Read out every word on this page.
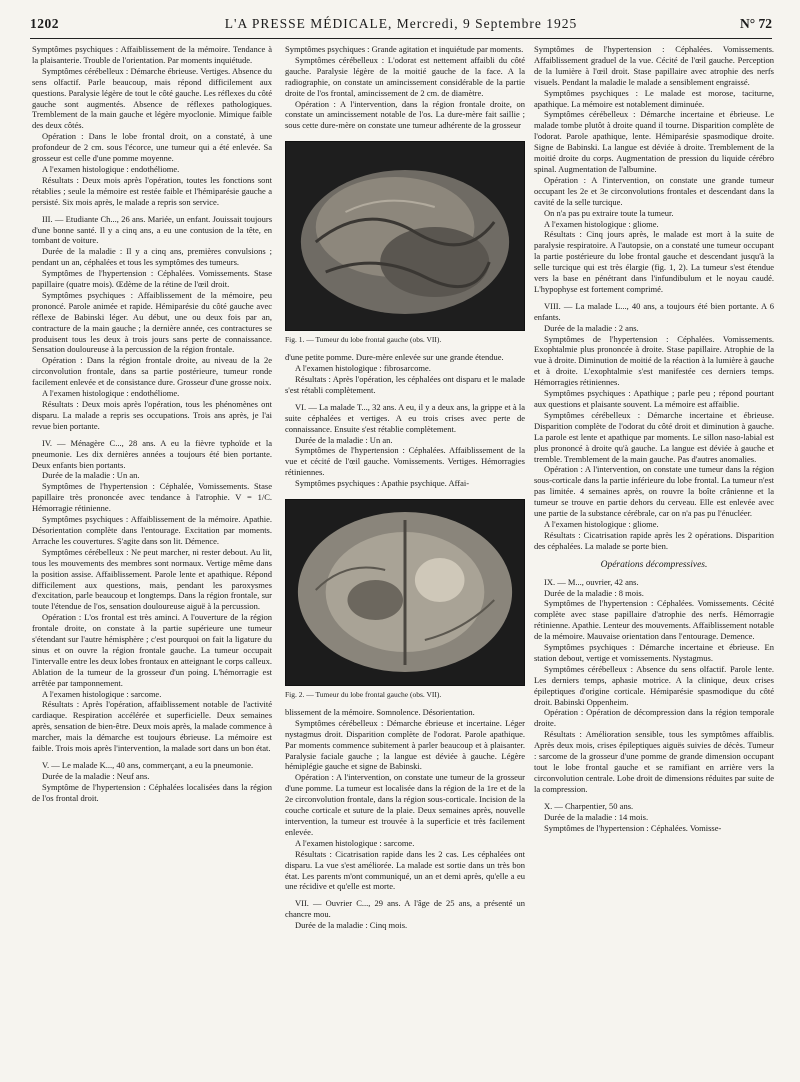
1202	L'A PRESSE MÉDICALE, Mercredi, 9 Septembre 1925	N° 72

Symptômes psychiques : Affaiblissement de la mémoire. Tendance à la plaisanterie. Trouble de l'orientation. Par moments inquiétude.

Symptômes cérébelleux : Démarche ébrieuse. Vertiges. Absence du sens olfactif. Parle beaucoup, mais répond difficilement aux questions. Paralysie légère de tout le côté gauche. Les réflexes du côté gauche sont augmentés. Absence de réflexes pathologiques. Tremblement de la main gauche et légère myoclonie. Mimique faible des deux côtés.

Opération : Dans le lobe frontal droit, on a constaté, à une profondeur de 2 cm. sous l'écorce, une tumeur qui a été enlevée. Sa grosseur est celle d'une pomme moyenne.

A l'examen histologique : endothéliome.

Résultats : Deux mois après l'opération, toutes les fonctions sont rétablies ; seule la mémoire est restée faible et l'hémiparésie gauche a persisté. Six mois après, le malade a repris son service.

III. — Etudiante Ch..., 26 ans. Mariée, un enfant. Jouissait toujours d'une bonne santé. Il y a cinq ans, a eu une contusion de la tête, en tombant de voiture.

Durée de la maladie : Il y a cinq ans, premières convulsions ; pendant un an, céphalées et tous les symptômes des tumeurs.

Symptômes de l'hypertension : Céphalées. Vomissements. Stase papillaire (quatre mois). Œdème de la rétine de l'œil droit.

Symptômes psychiques : Affaiblissement de la mémoire, peu prononcé. Parole animée et rapide. Hémiparésie du côté gauche avec réflexe de Babinski léger. Au début, une ou deux fois par an, contracture de la main gauche ; la dernière année, ces contractures se produisent tous les deux à trois jours sans perte de connaissance. Sensation douloureuse à la percussion de la région frontale.

Opération : Dans la région frontale droite, au niveau de la 2e circonvolution frontale, dans sa partie postérieure, tumeur ronde facilement enlevée et de consistance dure. Grosseur d'une grosse noix.

A l'examen histologique : endothéliome.

Résultats : Deux mois après l'opération, tous les phénomènes ont disparu. La malade a repris ses occupations. Trois ans après, je l'ai revue bien portante.

IV. — Ménagère C..., 28 ans. A eu la fièvre typhoïde et la pneumonie. Les dix dernières années a toujours été bien portante. Deux enfants bien portants.

Durée de la maladie : Un an.

Symptômes de l'hypertension : Céphalée, Vomissements. Stase papillaire très prononcée avec tendance à l'atrophie. V = 1/C. Hémorragie rétinienne.

Symptômes psychiques : Affaiblissement de la mémoire. Apathie. Désorientation complète dans l'entourage. Excitation par moments. Arrache les couvertures. S'agite dans son lit. Démence.

Symptômes cérébelleux : Ne peut marcher, ni rester debout. Au lit, tous les mouvements des membres sont normaux. Vertige même dans la position assise. Affaiblissement. Parole lente et apathique. Répond difficilement aux questions, mais, pendant les paroxysmes d'excitation, parle beaucoup et longtemps. Dans la région frontale, sur toute l'étendue de l'os, sensation douloureuse aiguë à la percussion.

Opération : L'os frontal est très aminci. A l'ouverture de la région frontale droite, on constate à la partie supérieure une tumeur s'étendant sur l'autre hémisphère ; c'est pourquoi on fait la ligature du sinus et on ouvre la région frontale gauche. La tumeur occupait l'intervalle entre les deux lobes frontaux en atteignant le corps calleux. Ablation de la tumeur de la grosseur d'un poing. L'hémorragie est arrêtée par tamponnement.

A l'examen histologique : sarcome.

Résultats : Après l'opération, affaiblissement notable de l'activité cardiaque. Respiration accélérée et superficielle. Deux semaines après, sensation de bien-être. Deux mois après, la malade commence à marcher, mais la démarche est toujours ébrieuse. La mémoire est faible. Trois mois après l'intervention, la malade sort dans un bon état.

V. — Le malade K..., 40 ans, commerçant, a eu la pneumonie.

Durée de la maladie : Neuf ans.

Symptôme de l'hypertension : Céphalées localisées dans la région de l'os frontal droit.

Symptômes psychiques : Grande agitation et inquiétude par moments.

Symptômes cérébelleux : L'odorat est nettement affaibli du côté gauche. Paralysie légère de la moitié gauche de la face. A la radiographie, on constate un amincissement considérable de la partie droite de l'os frontal, amincissement de 2 cm. de diamètre.

Opération : A l'intervention, dans la région frontale droite, on constate un amincissement notable de l'os. La dure-mère fait saillie ; sous cette dure-mère on constate une tumeur adhérente de la grosseur

Fig. 1. — Tumeur du lobe frontal gauche (obs. VII).

d'une petite pomme. Dure-mère enlevée sur une grande étendue.

A l'examen histologique : fibrosarcome.

Résultats : Après l'opération, les céphalées ont disparu et le malade s'est rétabli complètement.

VI. — La malade T..., 32 ans. A eu, il y a deux ans, la grippe et à la suite céphalées et vertiges. A eu trois crises avec perte de connaissance. Ensuite s'est rétablie complètement.

Durée de la maladie : Un an.

Symptômes de l'hypertension : Céphalées. Affaiblissement de la vue et cécité de l'œil gauche. Vomissements. Vertiges. Hémorragies rétiniennes.

Symptômes psychiques : Apathie psychique. Affai-

Fig. 2. — Tumeur du lobe frontal gauche (obs. VII).

blissement de la mémoire. Somnolence. Désorientation.

Symptômes cérébelleux : Démarche ébrieuse et incertaine. Léger nystagmus droit. Disparition complète de l'odorat. Parole apathique. Par moments commence subitement à parler beaucoup et à plaisanter. Paralysie faciale gauche ; la langue est déviée à gauche. Légère hémiplégie gauche et signe de Babinski.

Opération : A l'intervention, on constate une tumeur de la grosseur d'une pomme. La tumeur est localisée dans la région de la 1re et de la 2e circonvolution frontale, dans la région sous-corticale. Incision de la couche corticale et suture de la plaie. Deux semaines après, nouvelle intervention, la tumeur est trouvée à la superficie et très facilement enlevée.

A l'examen histologique : sarcome.

Résultats : Cicatrisation rapide dans les 2 cas. Les céphalées ont disparu. La vue s'est améliorée. La malade est sortie dans un très bon état. Les parents m'ont communiqué, un an et demi après, qu'elle a eu une récidive et qu'elle est morte.

VII. — Ouvrier C..., 29 ans. A l'âge de 25 ans, a présenté un chancre mou.

Durée de la maladie : Cinq mois.

Symptômes de l'hypertension : Céphalées. Vomissements. Affaiblissement graduel de la vue. Cécité de l'œil gauche. Perception de la lumière à l'œil droit. Stase papillaire avec atrophie des nerfs visuels. Pendant la maladie le malade a sensiblement engraissé.

Symptômes psychiques : Le malade est morose, taciturne, apathique. La mémoire est notablement diminuée.

Symptômes cérébelleux : Démarche incertaine et ébrieuse. Le malade tombe plutôt à droite quand il tourne. Disparition complète de l'odorat. Parole apathique, lente. Hémiparésie spasmodique droite. Signe de Babinski. La langue est déviée à droite. Tremblement de la moitié droite du corps. Augmentation de pression du liquide cérébro spinal. Augmentation de l'albumine.

Opération : A l'intervention, on constate une grande tumeur occupant les 2e et 3e circonvolutions frontales et descendant dans la cavité de la selle turcique.

On n'a pas pu extraire toute la tumeur.

A l'examen histologique : gliome.

Résultats : Cinq jours après, le malade est mort à la suite de paralysie respiratoire. A l'autopsie, on a constaté une tumeur occupant la partie postérieure du lobe frontal gauche et descendant jusqu'à la selle turcique qui est très élargie (fig. 1, 2). La tumeur s'est étendue vers la base en pénétrant dans l'infundibulum et le noyau caudé. L'hypophyse est fortement comprimé.

VIII. — La malade L..., 40 ans, a toujours été bien portante. A 6 enfants.

Durée de la maladie : 2 ans.

Symptômes de l'hypertension : Céphalées. Vomissements. Exophtalmie plus prononcée à droite. Stase papillaire. Atrophie de la vue à droite. Diminution de moitié de la réaction à la lumière à gauche et à droite. L'exophtalmie s'est manifestée ces derniers temps. Hémorragies rétiniennes.

Symptômes psychiques : Apathique ; parle peu ; répond pourtant aux questions et plaisante souvent. La mémoire est affaiblie.

Symptômes cérébelleux : Démarche incertaine et ébrieuse. Disparition complète de l'odorat du côté droit et diminution à gauche. La parole est lente et apathique par moments. Le sillon naso-labial est plus prononcé à droite qu'à gauche. La langue est déviée à gauche et tremble. Tremblement de la main gauche. Pas d'autres anomalies.

Opération : A l'intervention, on constate une tumeur dans la région sous-corticale dans la partie inférieure du lobe frontal. La tumeur n'est pas limitée. 4 semaines après, on rouvre la boîte crânienne et la tumeur se trouve en partie dehors du cerveau. Elle est enlevée avec une partie de la substance cérébrale, car on n'a pas pu l'énucléer.

A l'examen histologique : gliome.

Résultats : Cicatrisation rapide après les 2 opérations. Disparition des céphalées. La malade se porte bien.

Opérations décompressives.

IX. — M..., ouvrier, 42 ans.

Durée de la maladie : 8 mois.

Symptômes de l'hypertension : Céphalées. Vomissements. Cécité complète avec stase papillaire d'atrophie des nerfs. Hémorragie rétinienne. Apathie. Lenteur des mouvements. Affaiblissement notable de la mémoire. Mauvaise orientation dans l'entourage. Demence.

Symptômes psychiques : Démarche incertaine et ébrieuse. En station debout, vertige et vomissements. Nystagmus.

Symptômes cérébelleux : Absence du sens olfactif. Parole lente. Les derniers temps, aphasie motrice. A la clinique, deux crises épileptiques d'origine corticale. Hémiparésie spasmodique du côté droit. Babinski Oppenheim.

Opération : Opération de décompression dans la région temporale droite.

Résultats : Amélioration sensible, tous les symptômes affaiblis. Après deux mois, crises épileptiques aiguës suivies de décès. Tumeur : sarcome de la grosseur d'une pomme de grande dimension occupant tout le lobe frontal gauche et se ramifiant en arrière vers la circonvolution centrale. Lobe droit de dimensions réduites par suite de la compression.

X. — Charpentier, 50 ans.

Durée de la maladie : 14 mois.

Symptômes de l'hypertension : Céphalées. Vomisse-
